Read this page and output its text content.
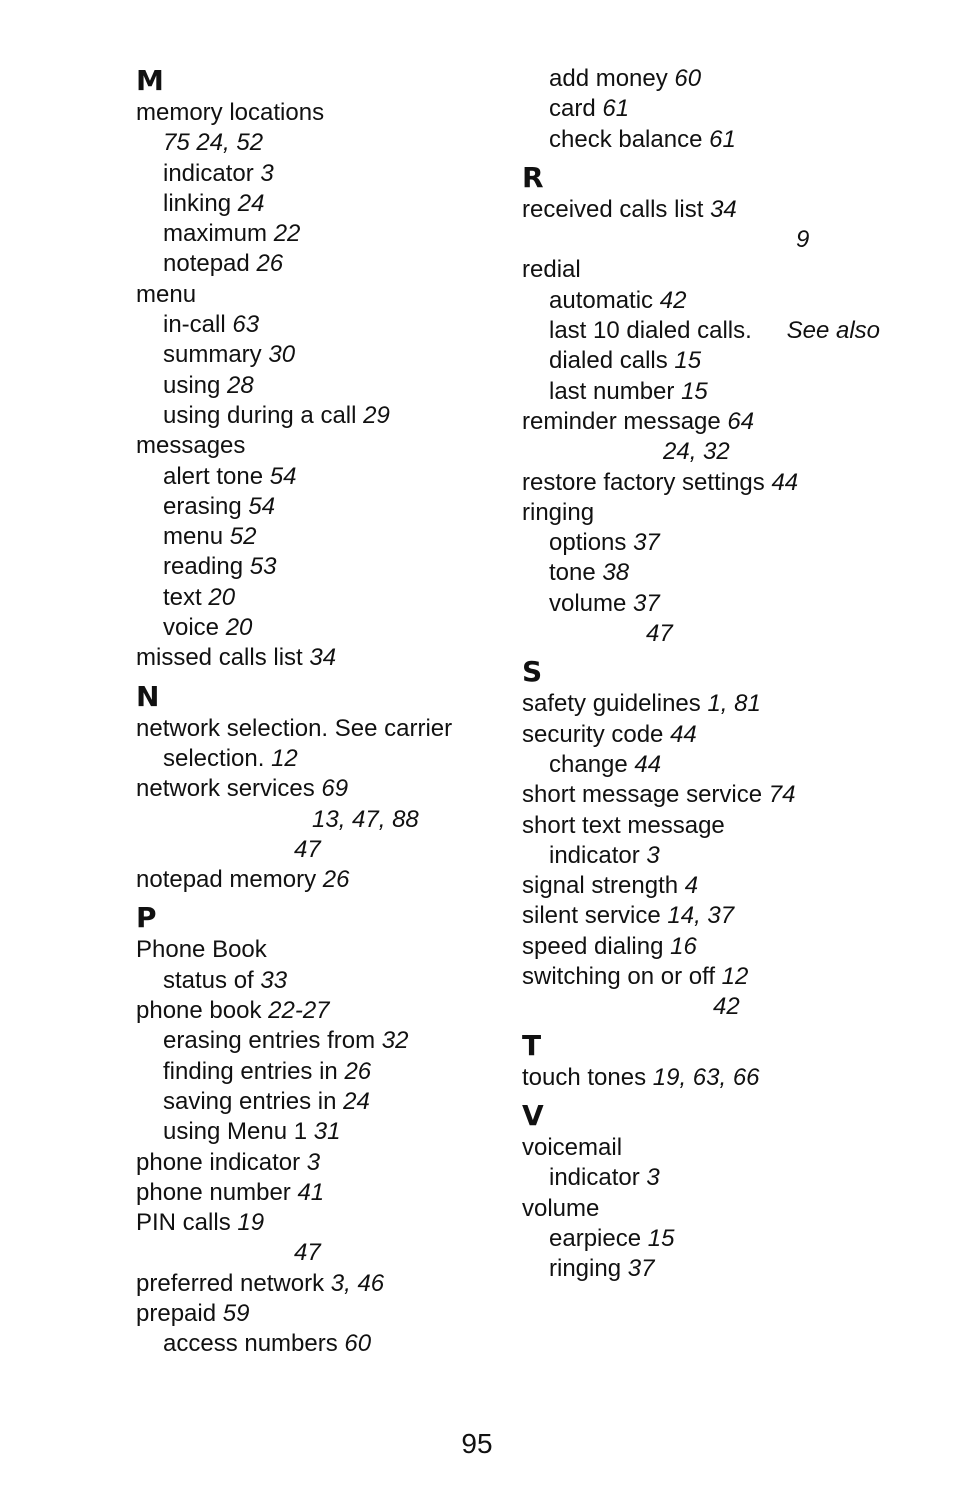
M
memory locations
75 24, 52
indicator 3
linking 24
maximum 22
notepad 26
menu
in-call 63
summary 30
using 28
using during a call 29
messages
alert tone 54
erasing 54
menu 52
reading 53
text 20
voice 20
missed calls list 34
N
network selection. See carrier
selection. 12
network services 69
13, 47, 88
47
notepad memory 26
P
Phone Book
status of 33
phone book 22-27
erasing entries from 32
finding entries in 26
saving entries in 24
using Menu 1 31
phone indicator 3
phone number 41
PIN calls 19
47
preferred network 3, 46
prepaid 59
access numbers 60
add money 60
card 61
check balance 61
R
received calls list 34
9
redial
automatic 42
last 10 dialed calls. See also
dialed calls 15
last number 15
reminder message 64
24, 32
restore factory settings 44
ringing
options 37
tone 38
volume 37
47
S
safety guidelines 1, 81
security code 44
change 44
short message service 74
short text message
indicator 3
signal strength 4
silent service 14, 37
speed dialing 16
switching on or off 12
42
T
touch tones 19, 63, 66
V
voicemail
indicator 3
volume
earpiece 15
ringing 37
95
